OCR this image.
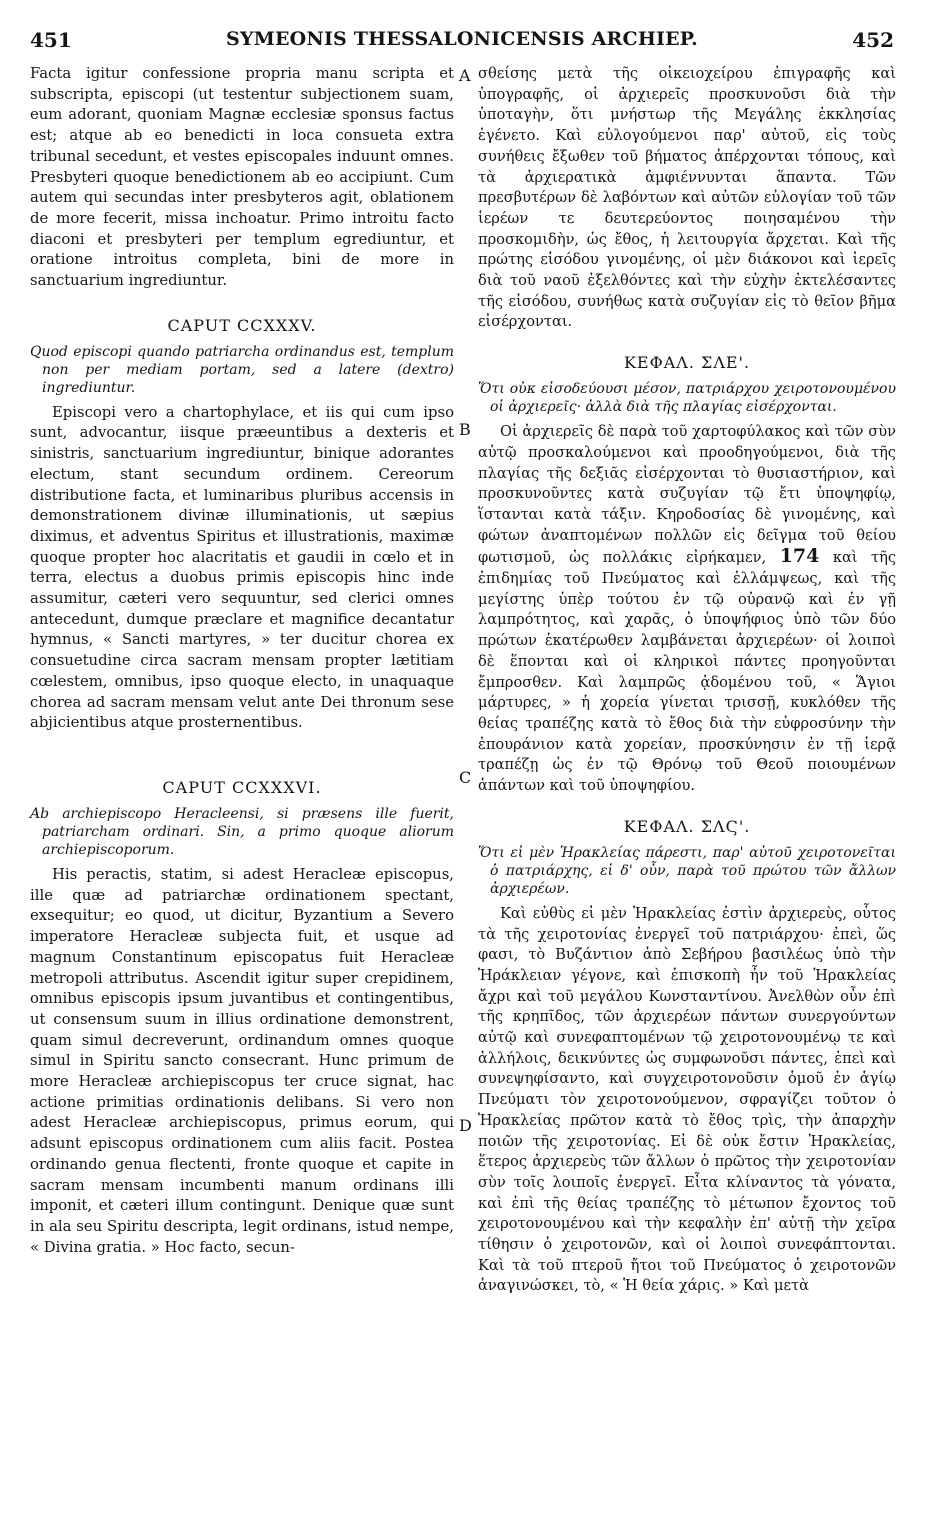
451	SYMEONIS THESSALONICENSIS ARCHIEP.	452
A
B
C
D

Facta igitur confessione propria manu scripta et subscripta, episcopi (ut testentur subjectionem suam, eum adorant, quoniam Magnæ ecclesiæ sponsus factus est; atque ab eo benedicti in loca consueta extra tribunal secedunt, et vestes episcopales induunt omnes. Presbyteri quoque benedictionem ab eo accipiunt. Cum autem qui secundas inter presbyteros agit, oblationem de more fecerit, missa inchoatur. Primo introitu facto diaconi et presbyteri per templum egrediuntur, et oratione introitus completa, bini de more in sanctuarium ingrediuntur.

CAPUT CCXXXV.
Quod episcopi quando patriarcha ordinandus est, templum non per mediam portam, sed a latere (dextro) ingrediuntur.

Episcopi vero a chartophylace, et iis qui cum ipso sunt, advocantur, iisque præeuntibus a dexteris et sinistris, sanctuarium ingrediuntur, binique adorantes electum, stant secundum ordinem. Cereorum distributione facta, et luminaribus pluribus accensis in demonstrationem divinæ illuminationis, ut sæpius diximus, et adventus Spiritus et illustrationis, maximæ quoque propter hoc alacritatis et gaudii in cœlo et in terra, electus a duobus primis episcopis hinc inde assumitur, cæteri vero sequuntur, sed clerici omnes antecedunt, dumque præclare et magnifice decantatur hymnus, « Sancti martyres, » ter ducitur chorea ex consuetudine circa sacram mensam propter lætitiam cœlestem, omnibus, ipso quoque electo, in unaquaque chorea ad sacram mensam velut ante Dei thronum sese abjicientibus atque prosternentibus.

CAPUT CCXXXVI.
Ab archiepiscopo Heracleensi, si præsens ille fuerit, patriarcham ordinari. Sin, a primo quoque aliorum archiepiscoporum.

His peractis, statim, si adest Heracleæ episcopus, ille quæ ad patriarchæ ordinationem spectant, exsequitur; eo quod, ut dicitur, Byzantium a Severo imperatore Heracleæ subjecta fuit, et usque ad magnum Constantinum episcopatus fuit Heracleæ metropoli attributus. Ascendit igitur super crepidinem, omnibus episcopis ipsum juvantibus et contingentibus, ut consensum suum in illius ordinatione demonstrent, quam simul decreverunt, ordinandum omnes quoque simul in Spiritu sancto consecrant. Hunc primum de more Heracleæ archiepiscopus ter cruce signat, hac actione primitias ordinationis delibans. Si vero non adest Heracleæ archiepiscopus, primus eorum, qui adsunt episcopus ordinationem cum aliis facit. Postea ordinando genua flectenti, fronte quoque et capite in sacram mensam incumbenti manum ordinans illi imponit, et cæteri illum contingunt. Denique quæ sunt in ala seu Spiritu descripta, legit ordinans, istud nempe, « Divina gratia. » Hoc facto, secun-

σθείσης μετὰ τῆς οἰκειοχείρου ἐπιγραφῆς καὶ ὑπογραφῆς, οἱ ἀρχιερεῖς προσκυνοῦσι διὰ τὴν ὑποταγὴν, ὅτι μνήστωρ τῆς Μεγάλης ἐκκλησίας ἐγένετο. Καὶ εὐλογούμενοι παρ' αὐτοῦ, εἰς τοὺς συνήθεις ἔξωθεν τοῦ βήματος ἀπέρχονται τόπους, καὶ τὰ ἀρχιερατικὰ ἀμφιέννυνται ἅπαντα. Τῶν πρεσβυτέρων δὲ λαβόντων καὶ αὐτῶν εὐλογίαν τοῦ τῶν ἱερέων τε δευτερεύοντος ποιησαμένου τὴν προσκομιδὴν, ὡς ἔθος, ἡ λειτουργία ἄρχεται. Καὶ τῆς πρώτης εἰσόδου γινομένης, οἱ μὲν διάκονοι καὶ ἱερεῖς διὰ τοῦ ναοῦ ἐξελθόντες καὶ τὴν εὐχὴν ἐκτελέσαντες τῆς εἰσόδου, συνήθως κατὰ συζυγίαν εἰς τὸ θεῖον βῆμα εἰσέρχονται.

ΚΕΦΑΛ. ΣΛΕ'.
Ὅτι οὐκ εἰσοδεύουσι μέσον, πατριάρχου χειροτονουμένου οἱ ἀρχιερεῖς· ἀλλὰ διὰ τῆς πλαγίας εἰσέρχονται.

Οἱ ἀρχιερεῖς δὲ παρὰ τοῦ χαρτοφύλακος καὶ τῶν σὺν αὐτῷ προσκαλούμενοι καὶ προοδηγούμενοι, διὰ τῆς πλαγίας τῆς δεξιᾶς εἰσέρχονται τὸ θυσιαστήριον, καὶ προσκυνοῦντες κατὰ συζυγίαν τῷ ἔτι ὑποψηφίῳ, ἵστανται κατὰ τάξιν. Κηροδοσίας δὲ γινομένης, καὶ φώτων ἀναπτομένων πολλῶν εἰς δεῖγμα τοῦ θείου φωτισμοῦ, ὡς πολλάκις εἰρήκαμεν, 174 καὶ τῆς ἐπιδημίας τοῦ Πνεύματος καὶ ἐλλάμψεως, καὶ τῆς μεγίστης ὑπὲρ τούτου ἐν τῷ οὐρανῷ καὶ ἐν γῇ λαμπρότητος, καὶ χαρᾶς, ὁ ὑποψήφιος ὑπὸ τῶν δύο πρώτων ἑκατέρωθεν λαμβάνεται ἀρχιερέων· οἱ λοιποὶ δὲ ἕπονται καὶ οἱ κληρικοὶ πάντες προηγοῦνται ἔμπροσθεν. Καὶ λαμπρῶς ᾀδομένου τοῦ, « Ἅγιοι μάρτυρες, » ἡ χορεία γίνεται τρισσῇ, κυκλόθεν τῆς θείας τραπέζης κατὰ τὸ ἔθος διὰ τὴν εὐφροσύνην τὴν ἐπουράνιον κατὰ χορείαν, προσκύνησιν ἐν τῇ ἱερᾷ τραπέζῃ ὡς ἐν τῷ Θρόνῳ τοῦ Θεοῦ ποιουμένων ἁπάντων καὶ τοῦ ὑποψηφίου.

ΚΕΦΑΛ. ΣΛϚ'.
Ὅτι εἰ μὲν Ἡρακλείας πάρεστι, παρ' αὐτοῦ χειροτονεῖται ὁ πατριάρχης, εἰ δ' οὖν, παρὰ τοῦ πρώτου τῶν ἄλλων ἀρχιερέων.

Καὶ εὐθὺς εἰ μὲν Ἡρακλείας ἐστὶν ἀρχιερεὺς, οὗτος τὰ τῆς χειροτονίας ἐνεργεῖ τοῦ πατριάρχου· ἐπεὶ, ὥς φασι, τὸ Βυζάντιον ἀπὸ Σεβήρου βασιλέως ὑπὸ τὴν Ἡράκλειαν γέγονε, καὶ ἐπισκοπὴ ἦν τοῦ Ἡρακλείας ἄχρι καὶ τοῦ μεγάλου Κωνσταντίνου. Ἀνελθὼν οὖν ἐπὶ τῆς κρηπῖδος, τῶν ἀρχιερέων πάντων συνεργούντων αὐτῷ καὶ συνεφαπτομένων τῷ χειροτονουμένῳ τε καὶ ἀλλήλοις, δεικνύντες ὡς συμφωνοῦσι πάντες, ἐπεὶ καὶ συνεψηφίσαντο, καὶ συγχειροτονοῦσιν ὁμοῦ ἐν ἁγίῳ Πνεύματι τὸν χειροτονούμενον, σφραγίζει τοῦτον ὁ Ἡρακλείας πρῶτον κατὰ τὸ ἔθος τρὶς, τὴν ἀπαρχὴν ποιῶν τῆς χειροτονίας. Εἰ δὲ οὐκ ἔστιν Ἡρακλείας, ἕτερος ἀρχιερεὺς τῶν ἄλλων ὁ πρῶτος τὴν χειροτονίαν σὺν τοῖς λοιποῖς ἐνεργεῖ. Εἶτα κλίναντος τὰ γόνατα, καὶ ἐπὶ τῆς θείας τραπέζης τὸ μέτωπον ἔχοντος τοῦ χειροτονουμένου καὶ τὴν κεφαλὴν ἐπ' αὐτῇ τὴν χεῖρα τίθησιν ὁ χειροτονῶν, καὶ οἱ λοιποὶ συνεφάπτονται. Καὶ τὰ τοῦ πτεροῦ ἤτοι τοῦ Πνεύματος ὁ χειροτονῶν ἀναγινώσκει, τὸ, « Ἡ θεία χάρις. » Καὶ μετὰ
